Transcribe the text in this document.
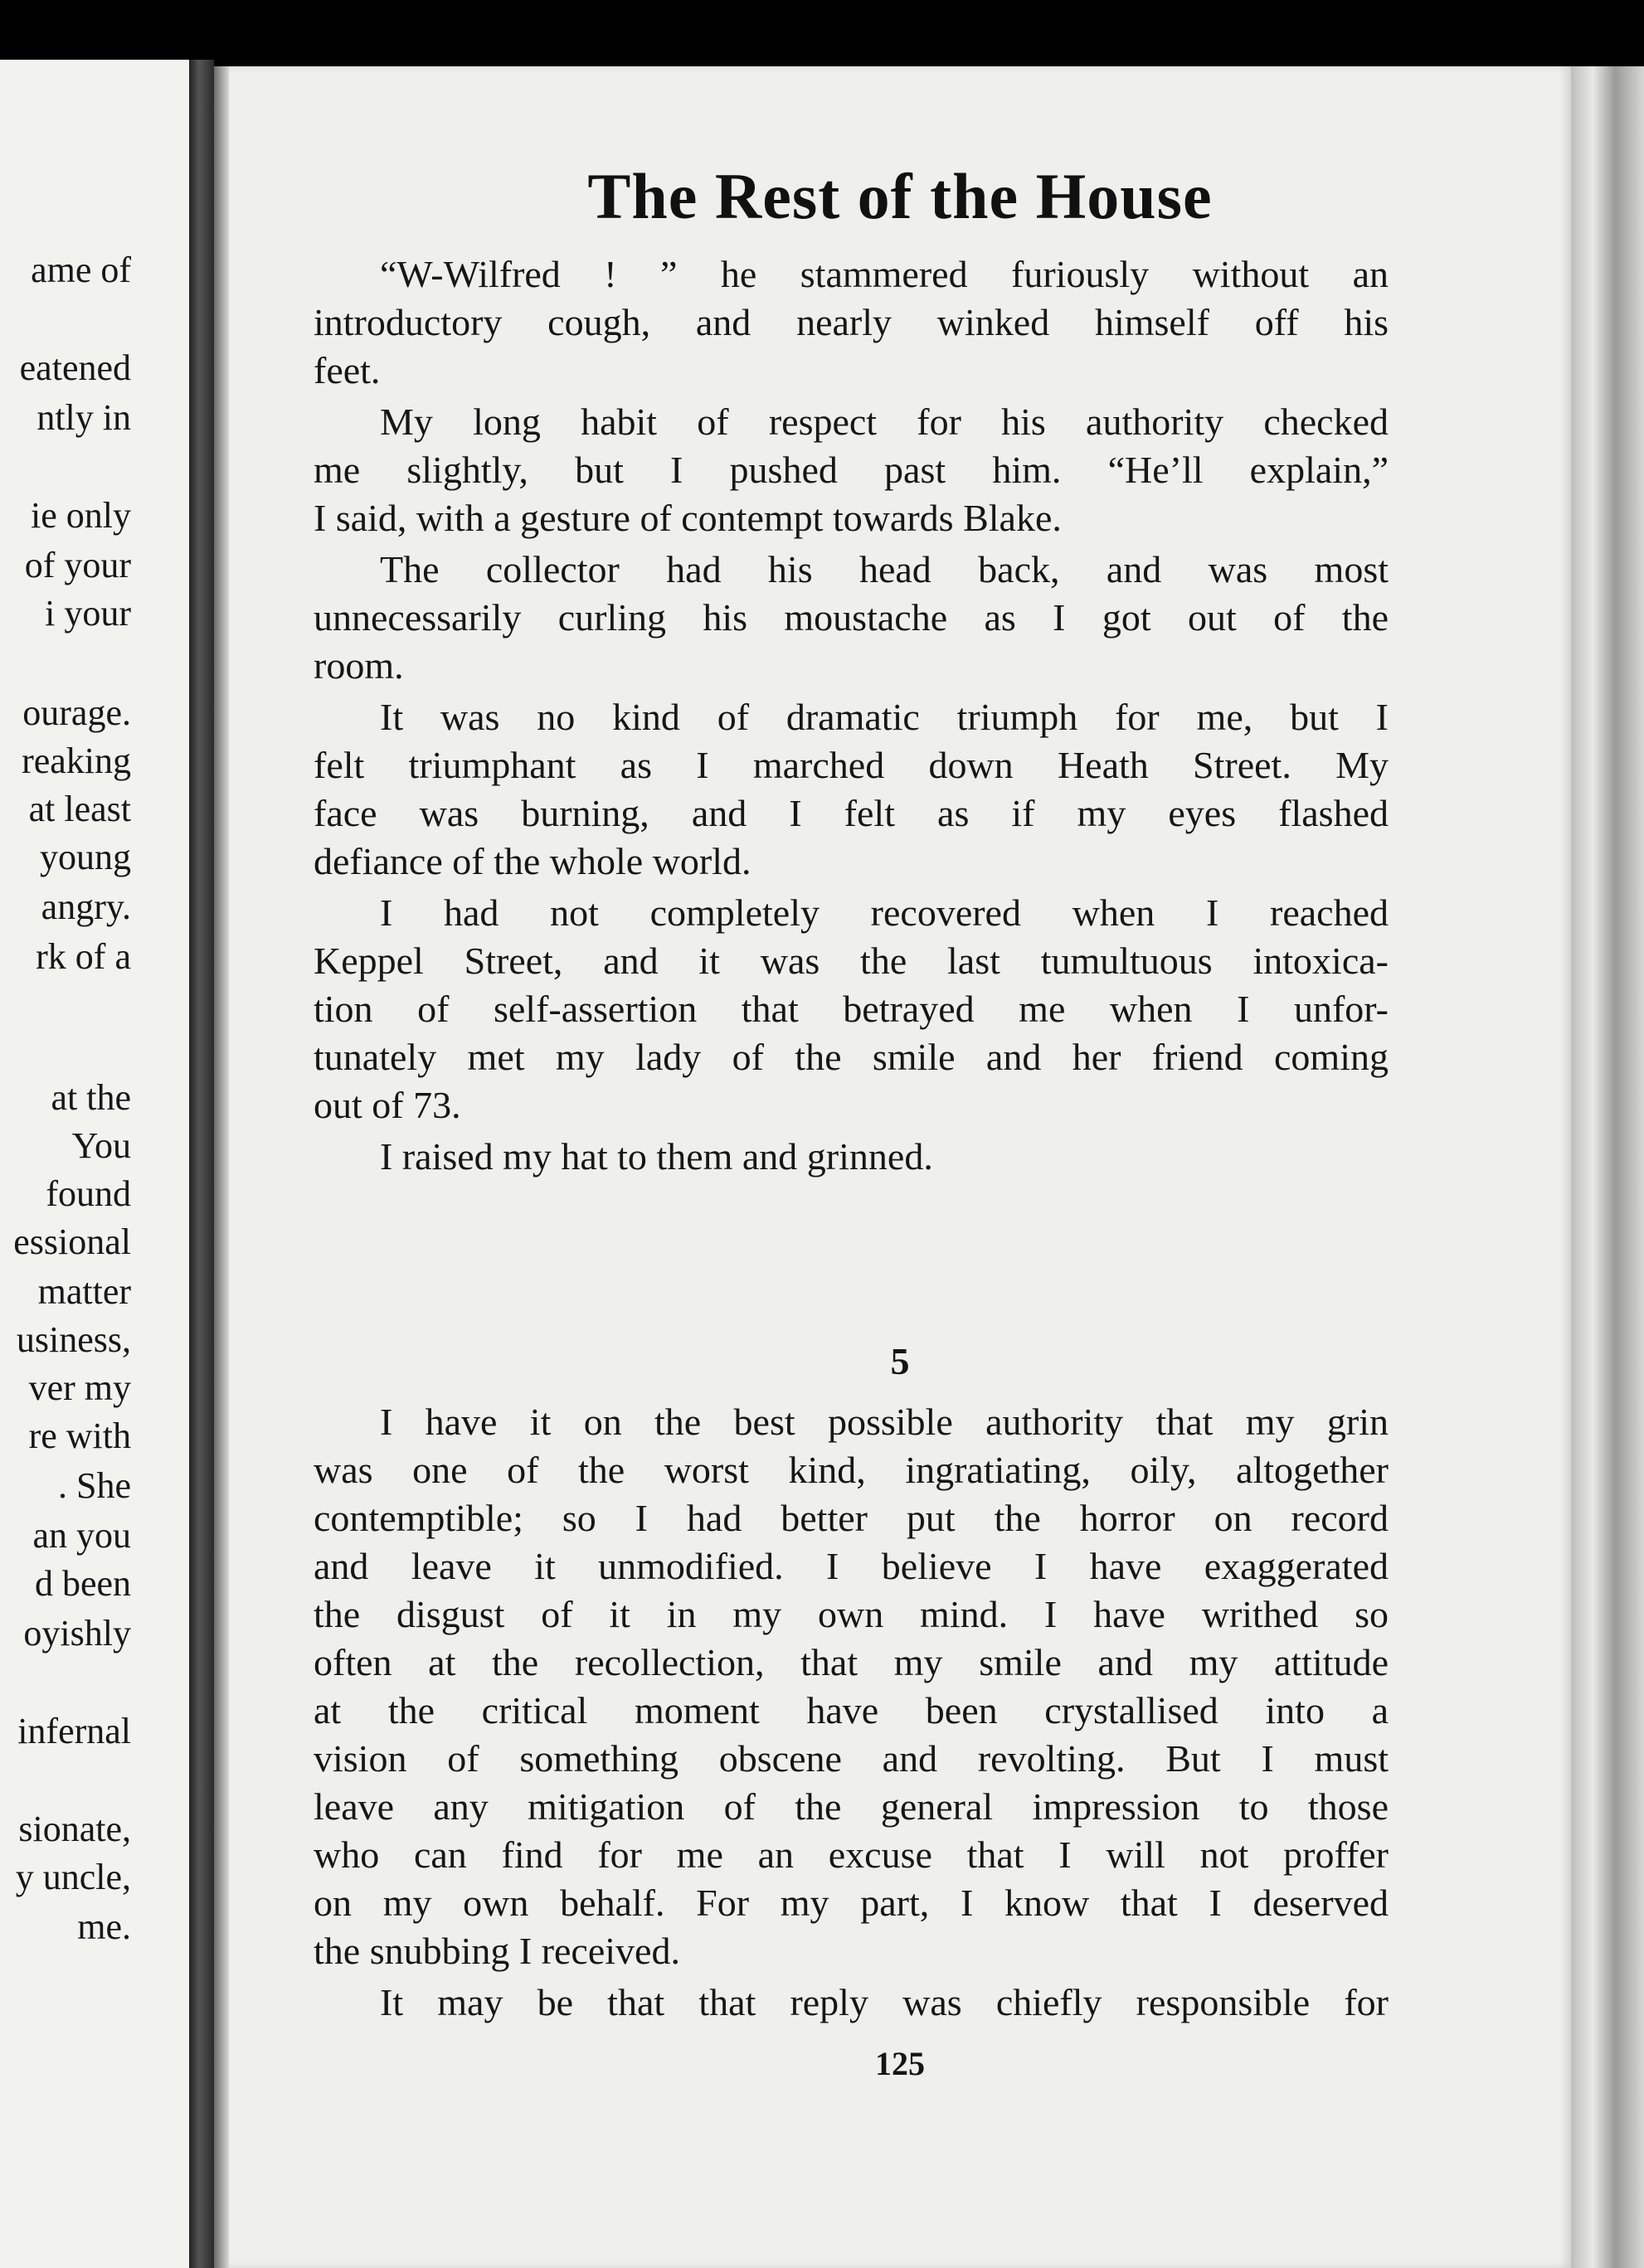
ame of
eatened
ntly in
ie only
of your
i your
ourage.
reaking
at least
young
angry.
rk of a
at the
You
found
essional
matter
usiness,
ver my
re with
. She
an you
d been
oyishly
infernal
sionate,
y uncle,
me.
The Rest of the House
“W-Wilfred ! ” he stammered furiously without an
introductory cough, and nearly winked himself off his
feet.
My long habit of respect for his authority checked
me slightly, but I pushed past him. “He’ll explain,”
I said, with a gesture of contempt towards Blake.
The collector had his head back, and was most
unnecessarily curling his moustache as I got out of the
room.
It was no kind of dramatic triumph for me, but I
felt triumphant as I marched down Heath Street. My
face was burning, and I felt as if my eyes flashed
defiance of the whole world.
I had not completely recovered when I reached
Keppel Street, and it was the last tumultuous intoxica-
tion of self-assertion that betrayed me when I unfor-
tunately met my lady of the smile and her friend coming
out of 73.
I raised my hat to them and grinned.
5
I have it on the best possible authority that my grin
was one of the worst kind, ingratiating, oily, altogether
contemptible; so I had better put the horror on record
and leave it unmodified. I believe I have exaggerated
the disgust of it in my own mind. I have writhed so
often at the recollection, that my smile and my attitude
at the critical moment have been crystallised into a
vision of something obscene and revolting. But I must
leave any mitigation of the general impression to those
who can find for me an excuse that I will not proffer
on my own behalf. For my part, I know that I deserved
the snubbing I received.
It may be that that reply was chiefly responsible for
125
